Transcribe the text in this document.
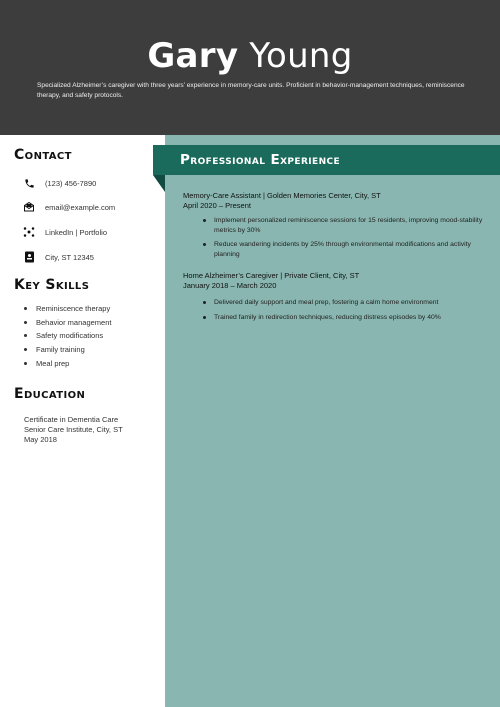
Gary Young
Specialized Alzheimer’s caregiver with three years’ experience in memory-care units. Proficient in behavior-management techniques, reminiscence therapy, and safety protocols.
Contact
(123) 456-7890
email@example.com
LinkedIn | Portfolio
City, ST 12345
Key Skills
Reminiscence therapy
Behavior management
Safety modifications
Family training
Meal prep
Education
Certificate in Dementia Care
Senior Care Institute, City, ST
May 2018
Professional Experience
Memory-Care Assistant | Golden Memories Center, City, ST
April 2020 – Present
Implement personalized reminiscence sessions for 15 residents, improving mood-stability metrics by 30%
Reduce wandering incidents by 25% through environmental modifications and activity planning
Home Alzheimer’s Caregiver | Private Client, City, ST
January 2018 – March 2020
Delivered daily support and meal prep, fostering a calm home environment
Trained family in redirection techniques, reducing distress episodes by 40%
